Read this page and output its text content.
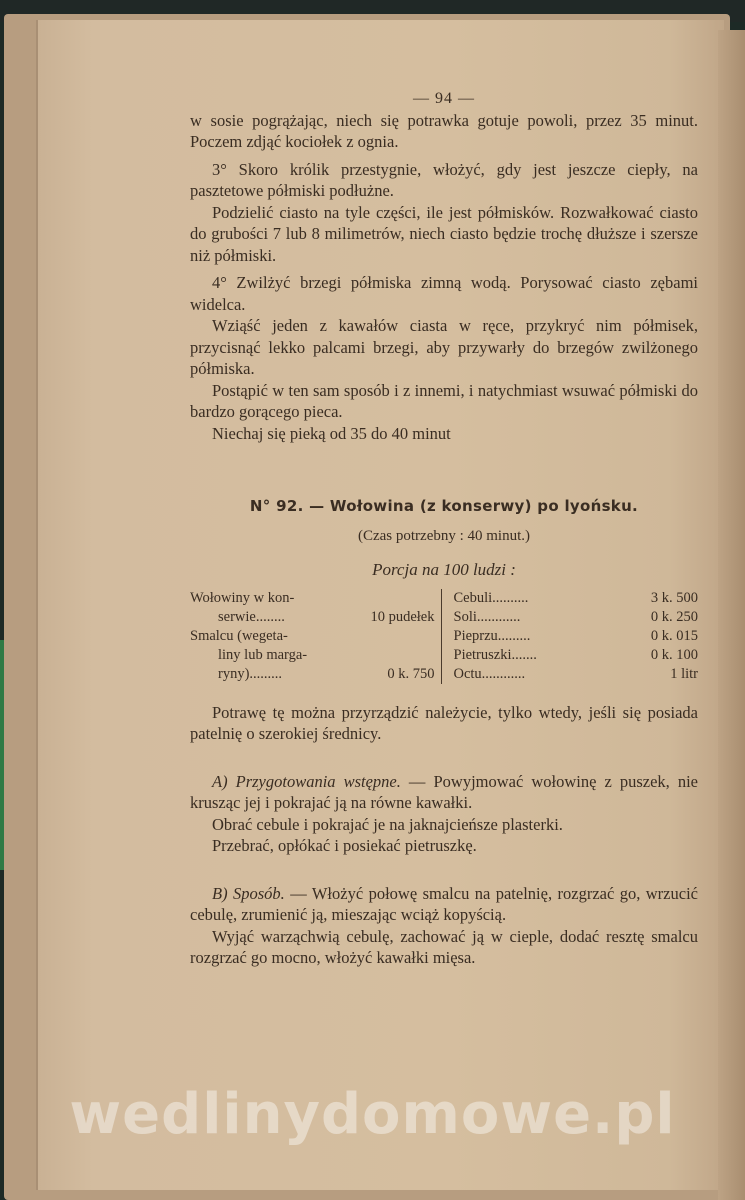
— 94 —

w sosie pogrążając, niech się potrawka gotuje powoli, przez 35 minut. Poczem zdjąć kociołek z ognia.

3° Skoro królik przestygnie, włożyć, gdy jest jeszcze ciepły, na pasztetowe półmiski podłużne.

Podzielić ciasto na tyle części, ile jest półmisków. Rozwałkować ciasto do grubości 7 lub 8 milimetrów, niech ciasto będzie trochę dłuższe i szersze niż półmiski.

4° Zwilżyć brzegi półmiska zimną wodą. Porysować ciasto zębami widelca.

Wziąść jeden z kawałów ciasta w ręce, przykryć nim półmisek, przycisnąć lekko palcami brzegi, aby przywarły do brzegów zwilżonego półmiska.

Postąpić w ten sam sposób i z innemi, i natychmiast wsuwać półmiski do bardzo gorącego pieca.

Niechaj się pieką od 35 do 40 minut

N° 92. — Wołowina (z konserwy) po lyońsku.
(Czas potrzebny : 40 minut.)
Porcja na 100 ludzi :
Wołowiny w kon-
serwie........	10 pudełek
Smalcu (wegeta-
liny lub marga-
ryny).........	0 k. 750
Cebuli..........	3 k. 500
Soli............	0 k. 250
Pieprzu.........	0 k. 015
Pietruszki.......	0 k. 100
Octu............	1 litr

Potrawę tę można przyrządzić należycie, tylko wtedy, jeśli się posiada patelnię o szerokiej średnicy.

A) Przygotowania wstępne. — Powyjmować wołowinę z puszek, nie krusząc jej i pokrajać ją na równe kawałki.

Obrać cebule i pokrajać je na jaknajcieńsze plasterki.

Przebrać, opłókać i posiekać pietruszkę.

B) Sposób. — Włożyć połowę smalcu na patelnię, rozgrzać go, wrzucić cebulę, zrumienić ją, mieszając wciąż kopyścią.

Wyjąć warząchwią cebulę, zachować ją w cieple, dodać resztę smalcu rozgrzać go mocno, włożyć kawałki mięsa.

wedlinydomowe.pl
